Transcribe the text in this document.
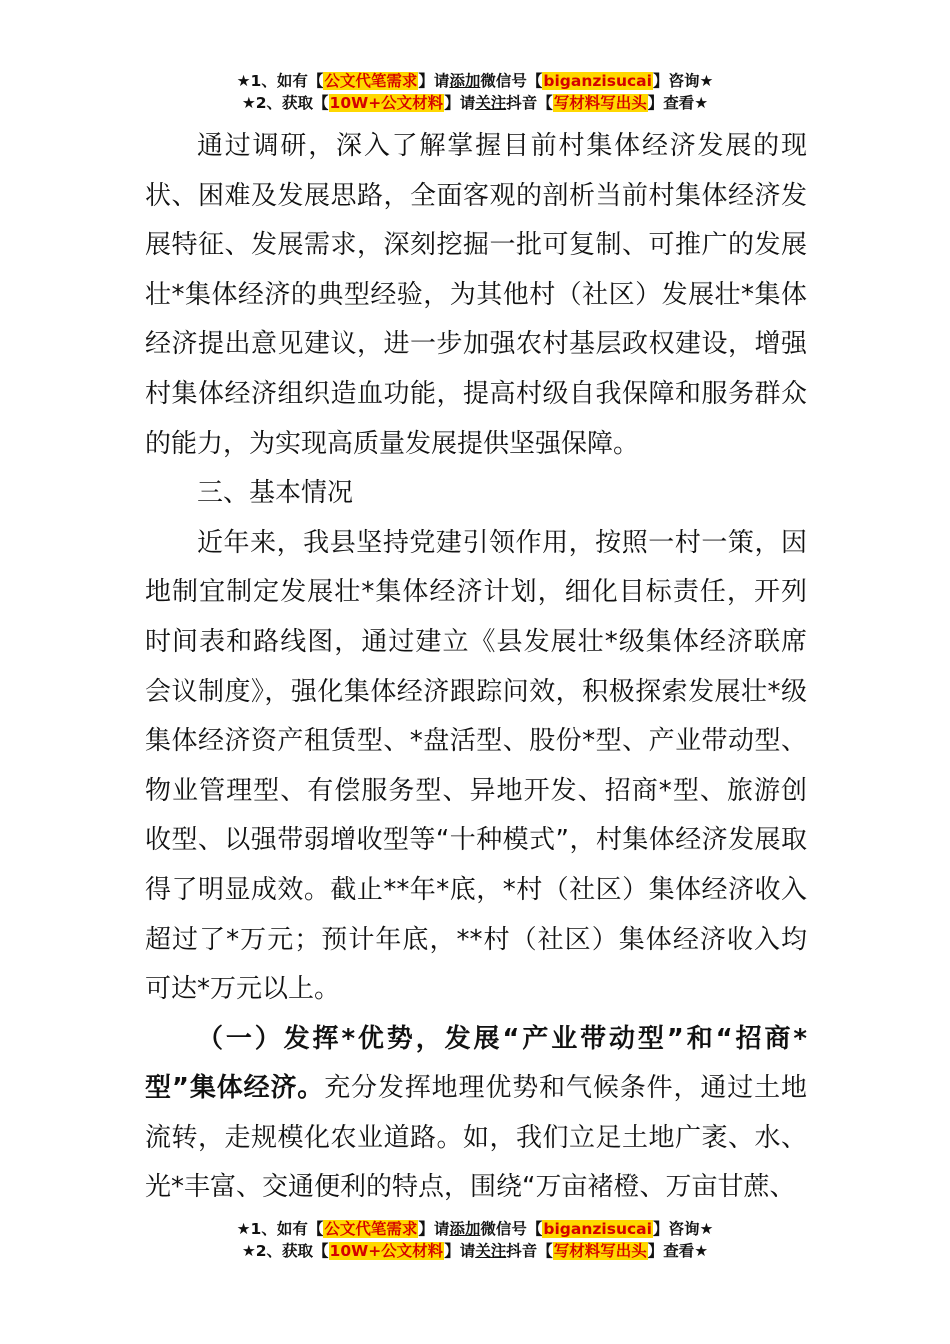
★1、如有【公文代笔需求】请添加微信号【biganzisucai】咨询★
★2、获取【10W+公文材料】请关注抖音【写材料写出头】查看★

通过调研，深入了解掌握目前村集体经济发展的现状、困难及发展思路，全面客观的剖析当前村集体经济发展特征、发展需求，深刻挖掘一批可复制、可推广的发展壮*集体经济的典型经验，为其他村（社区）发展壮*集体经济提出意见建议，进一步加强农村基层政权建设，增强村集体经济组织造血功能，提高村级自我保障和服务群众的能力，为实现高质量发展提供坚强保障。

三、基本情况

近年来，我县坚持党建引领作用，按照一村一策，因地制宜制定发展壮*集体经济计划，细化目标责任，开列时间表和路线图，通过建立《县发展壮*级集体经济联席会议制度》，强化集体经济跟踪问效，积极探索发展壮*级集体经济资产租赁型、*盘活型、股份*型、产业带动型、物业管理型、有偿服务型、异地开发、招商*型、旅游创收型、以强带弱增收型等“十种模式”，村集体经济发展取得了明显成效。截止**年*底，*村（社区）集体经济收入超过了*万元；预计年底，**村（社区）集体经济收入均可达*万元以上。

（一）发挥*优势，发展“产业带动型”和“招商*型”集体经济。充分发挥地理优势和气候条件，通过土地流转，走规模化农业道路。如，我们立足土地广袤、水、光*丰富、交通便利的特点，围绕“万亩褚橙、万亩甘蔗、

★1、如有【公文代笔需求】请添加微信号【biganzisucai】咨询★
★2、获取【10W+公文材料】请关注抖音【写材料写出头】查看★
